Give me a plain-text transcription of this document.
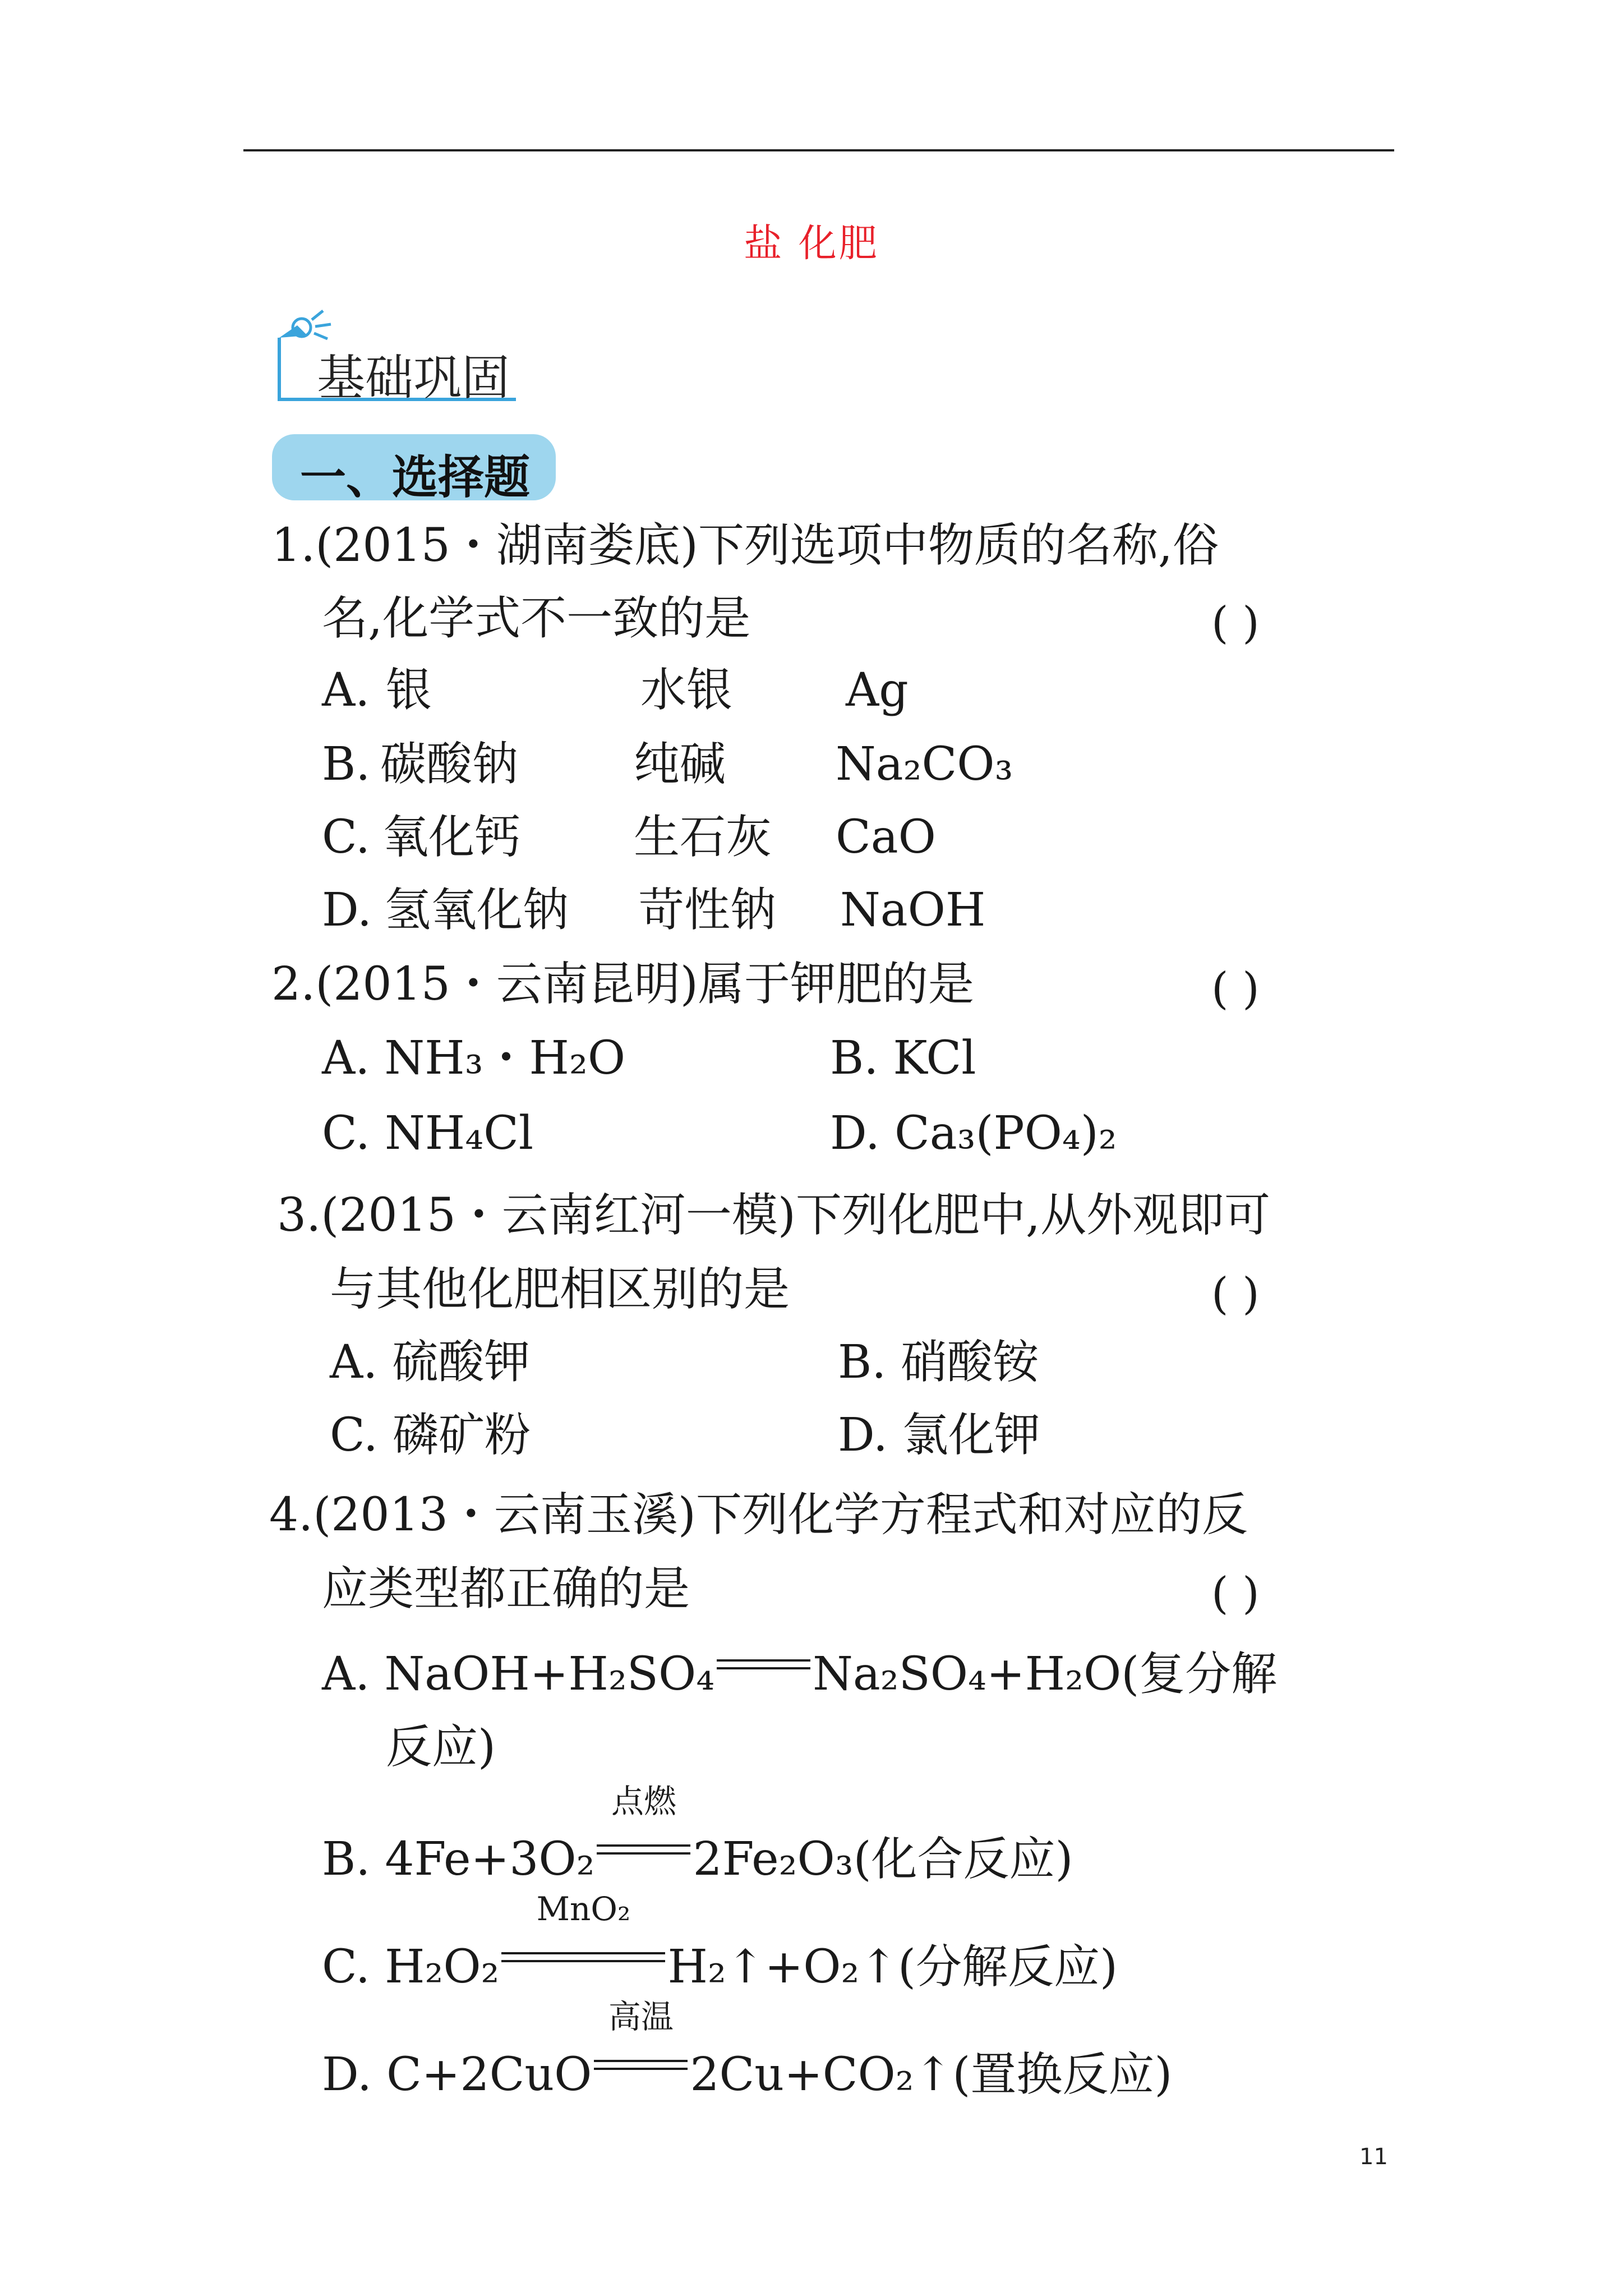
盐 化肥
基础巩固
一、选择题
1.(2015・湖南娄底)下列选项中物质的名称,俗
名,化学式不一致的是	( )
A. 银	水银 Ag
B. 碳酸钠	纯碱 Na₂CO₃
C. 氧化钙 生石灰 CaO
D. 氢氧化钠 苛性钠 NaOH
2.(2015・云南昆明)属于钾肥的是	( )
A. NH₃・H₂O	B. KCl
C. NH₄Cl	D. Ca₃(PO₄)₂
3.(2015・云南红河一模)下列化肥中,从外观即可
与其他化肥相区别的是	( )
A. 硫酸钾	B. 硝酸铵
C. 磷矿粉	D. 氯化钾
4.(2013・云南玉溪)下列化学方程式和对应的反
应类型都正确的是	( )
A. NaOH+H₂SO₄ Na₂SO₄+H₂O(复分解
反应)
B. 4Fe+3O₂
点燃
2Fe₂O₃(化合反应)
C. H₂O₂
MnO₂
H₂↑+O₂↑(分解反应)
D. C+2CuO
高温
2Cu+CO₂↑(置换反应)
11
